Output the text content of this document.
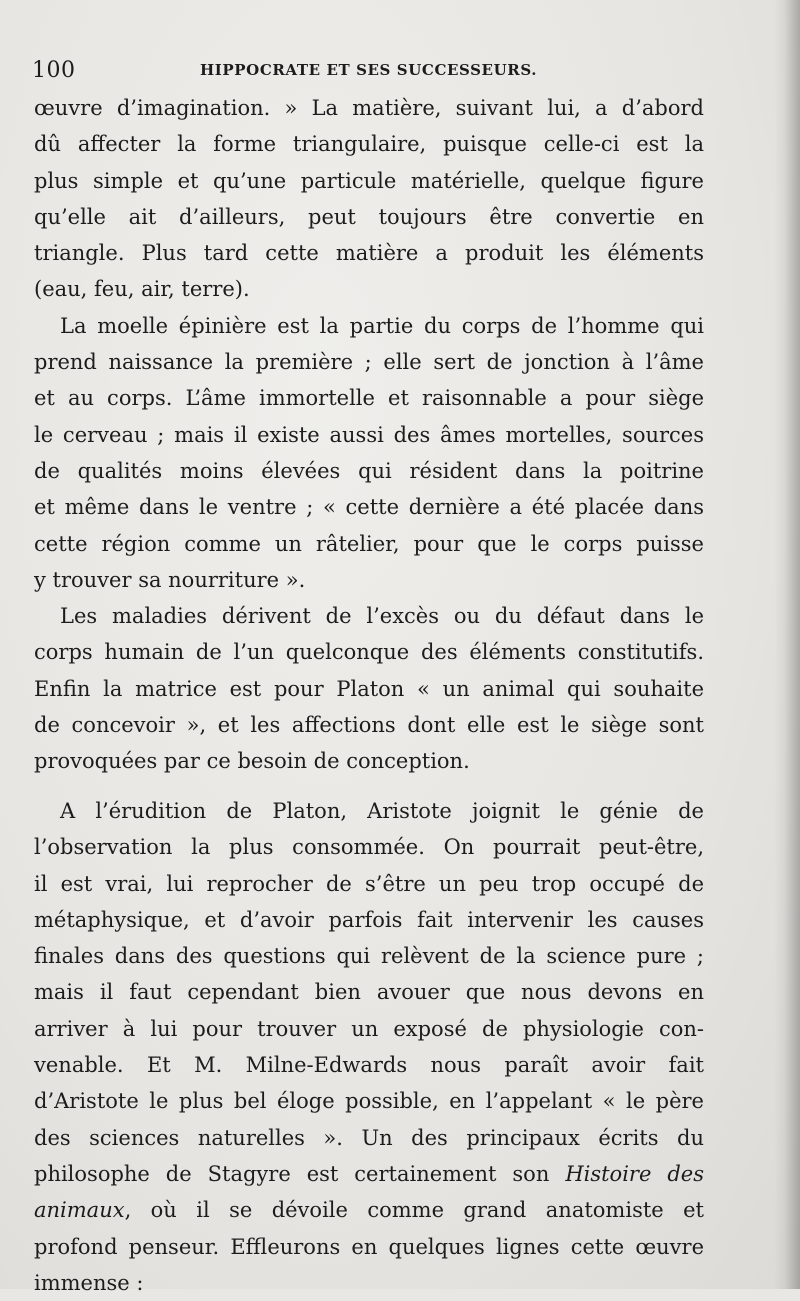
100	HIPPOCRATE ET SES SUCCESSEURS.
œuvre d’imagination. » La matière, suivant lui, a d’abord
dû affecter la forme triangulaire, puisque celle-ci est la
plus simple et qu’une particule matérielle, quelque figure
qu’elle ait d’ailleurs, peut toujours être convertie en
triangle. Plus tard cette matière a produit les éléments
(eau, feu, air, terre).
La moelle épinière est la partie du corps de l’homme qui
prend naissance la première ; elle sert de jonction à l’âme
et au corps. L’âme immortelle et raisonnable a pour siège
le cerveau ; mais il existe aussi des âmes mortelles, sources
de qualités moins élevées qui résident dans la poitrine
et même dans le ventre ; « cette dernière a été placée dans
cette région comme un râtelier, pour que le corps puisse
y trouver sa nourriture ».
Les maladies dérivent de l’excès ou du défaut dans le
corps humain de l’un quelconque des éléments constitutifs.
Enfin la matrice est pour Platon « un animal qui souhaite
de concevoir », et les affections dont elle est le siège sont
provoquées par ce besoin de conception.
A l’érudition de Platon, Aristote joignit le génie de
l’observation la plus consommée. On pourrait peut-être,
il est vrai, lui reprocher de s’être un peu trop occupé de
métaphysique, et d’avoir parfois fait intervenir les causes
finales dans des questions qui relèvent de la science pure ;
mais il faut cependant bien avouer que nous devons en
arriver à lui pour trouver un exposé de physiologie con-
venable. Et M. Milne-Edwards nous paraît avoir fait
d’Aristote le plus bel éloge possible, en l’appelant « le père
des sciences naturelles ». Un des principaux écrits du
philosophe de Stagyre est certainement son Histoire des
animaux, où il se dévoile comme grand anatomiste et
profond penseur. Effleurons en quelques lignes cette œuvre
immense :
